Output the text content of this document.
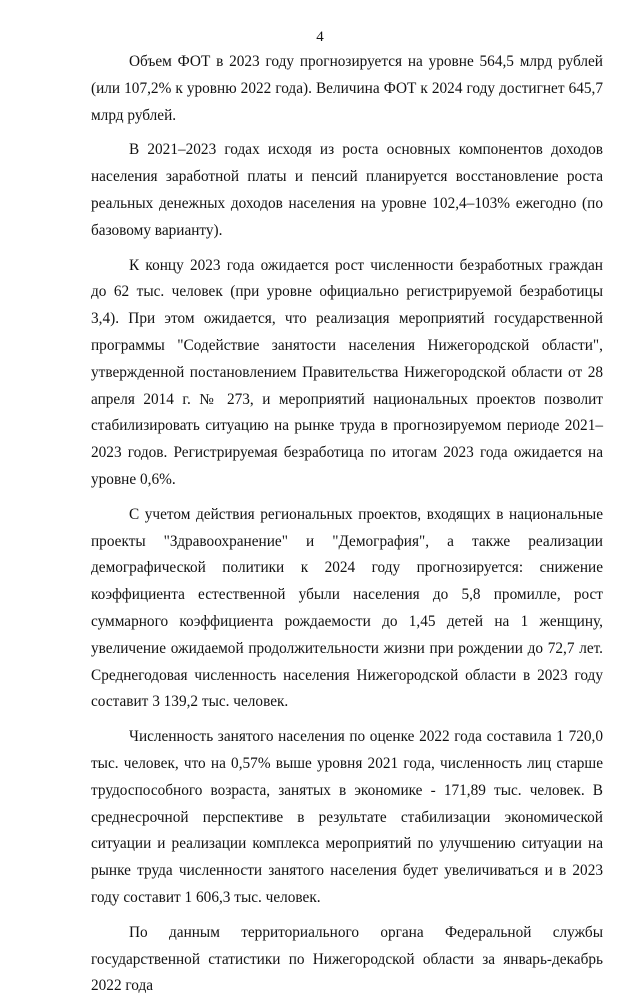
4

Объем ФОТ в 2023 году прогнозируется на уровне 564,5 млрд рублей (или 107,2% к уровню 2022 года). Величина ФОТ к 2024 году достигнет 645,7 млрд рублей.

В 2021–2023 годах исходя из роста основных компонентов доходов населения заработной платы и пенсий планируется восстановление роста реальных денежных доходов населения на уровне 102,4–103% ежегодно (по базовому варианту).

К концу 2023 года ожидается рост численности безработных граждан до 62 тыс. человек (при уровне официально регистрируемой безработицы 3,4). При этом ожидается, что реализация мероприятий государственной программы "Содействие занятости населения Нижегородской области", утвержденной постановлением Правительства Нижегородской области от 28 апреля 2014 г. № 273, и мероприятий национальных проектов позволит стабилизировать ситуацию на рынке труда в прогнозируемом периоде 2021–2023 годов. Регистрируемая безработица по итогам 2023 года ожидается на уровне 0,6%.

С учетом действия региональных проектов, входящих в национальные проекты "Здравоохранение" и "Демография", а также реализации демографической политики к 2024 году прогнозируется: снижение коэффициента естественной убыли населения до 5,8 промилле, рост суммарного коэффициента рождаемости до 1,45 детей на 1 женщину, увеличение ожидаемой продолжительности жизни при рождении до 72,7 лет. Среднегодовая численность населения Нижегородской области в 2023 году составит 3 139,2 тыс. человек.

Численность занятого населения по оценке 2022 года составила 1 720,0 тыс. человек, что на 0,57% выше уровня 2021 года, численность лиц старше трудоспособного возраста, занятых в экономике - 171,89 тыс. человек. В среднесрочной перспективе в результате стабилизации экономической ситуации и реализации комплекса мероприятий по улучшению ситуации на рынке труда численности занятого населения будет увеличиваться и в 2023 году составит 1 606,3 тыс. человек.

По данным территориального органа Федеральной службы государственной статистики по Нижегородской области за январь-декабрь 2022 года
